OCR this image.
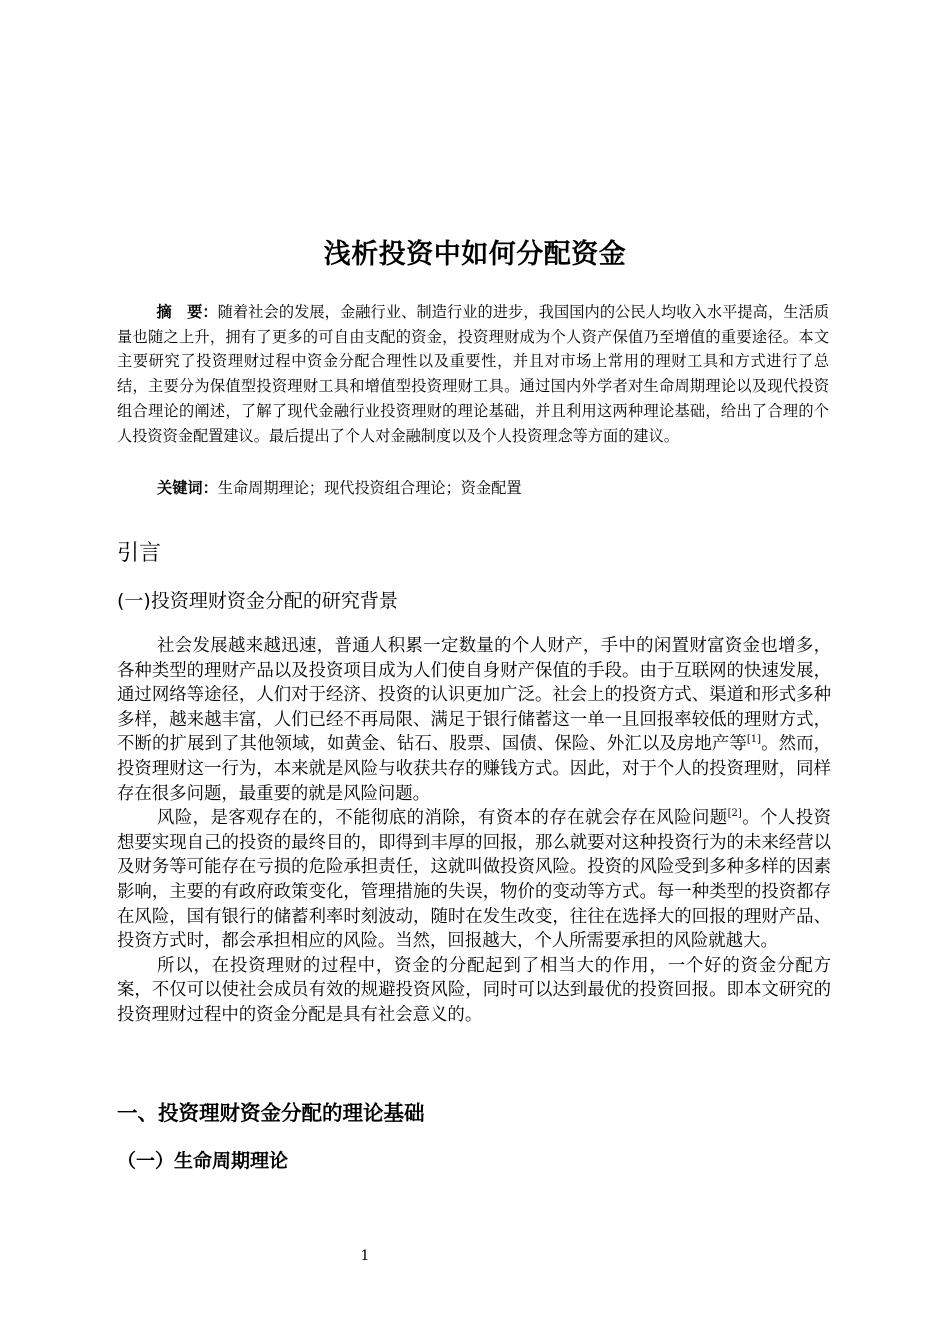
浅析投资中如何分配资金
摘　要：随着社会的发展，金融行业、制造行业的进步，我国国内的公民人均收入水平提高，生活质量也随之上升，拥有了更多的可自由支配的资金，投资理财成为个人资产保值乃至增值的重要途径。本文主要研究了投资理财过程中资金分配合理性以及重要性，并且对市场上常用的理财工具和方式进行了总结，主要分为保值型投资理财工具和增值型投资理财工具。通过国内外学者对生命周期理论以及现代投资组合理论的阐述，了解了现代金融行业投资理财的理论基础，并且利用这两种理论基础，给出了合理的个人投资资金配置建议。最后提出了个人对金融制度以及个人投资理念等方面的建议。
关键词：生命周期理论；现代投资组合理论；资金配置
引言
(一)投资理财资金分配的研究背景

社会发展越来越迅速，普通人积累一定数量的个人财产，手中的闲置财富资金也增多，各种类型的理财产品以及投资项目成为人们使自身财产保值的手段。由于互联网的快速发展，通过网络等途径，人们对于经济、投资的认识更加广泛。社会上的投资方式、渠道和形式多种多样，越来越丰富，人们已经不再局限、满足于银行储蓄这一单一且回报率较低的理财方式，不断的扩展到了其他领域，如黄金、钻石、股票、国债、保险、外汇以及房地产等[1]。然而，投资理财这一行为，本来就是风险与收获共存的赚钱方式。因此，对于个人的投资理财，同样存在很多问题，最重要的就是风险问题。

风险，是客观存在的，不能彻底的消除，有资本的存在就会存在风险问题[2]。个人投资想要实现自己的投资的最终目的，即得到丰厚的回报，那么就要对这种投资行为的未来经营以及财务等可能存在亏损的危险承担责任，这就叫做投资风险。投资的风险受到多种多样的因素影响，主要的有政府政策变化，管理措施的失误，物价的变动等方式。每一种类型的投资都存在风险，国有银行的储蓄利率时刻波动，随时在发生改变，往往在选择大的回报的理财产品、投资方式时，都会承担相应的风险。当然，回报越大，个人所需要承担的风险就越大。

所以，在投资理财的过程中，资金的分配起到了相当大的作用，一个好的资金分配方案，不仅可以使社会成员有效的规避投资风险，同时可以达到最优的投资回报。即本文研究的投资理财过程中的资金分配是具有社会意义的。

一、投资理财资金分配的理论基础
（一）生命周期理论
1
